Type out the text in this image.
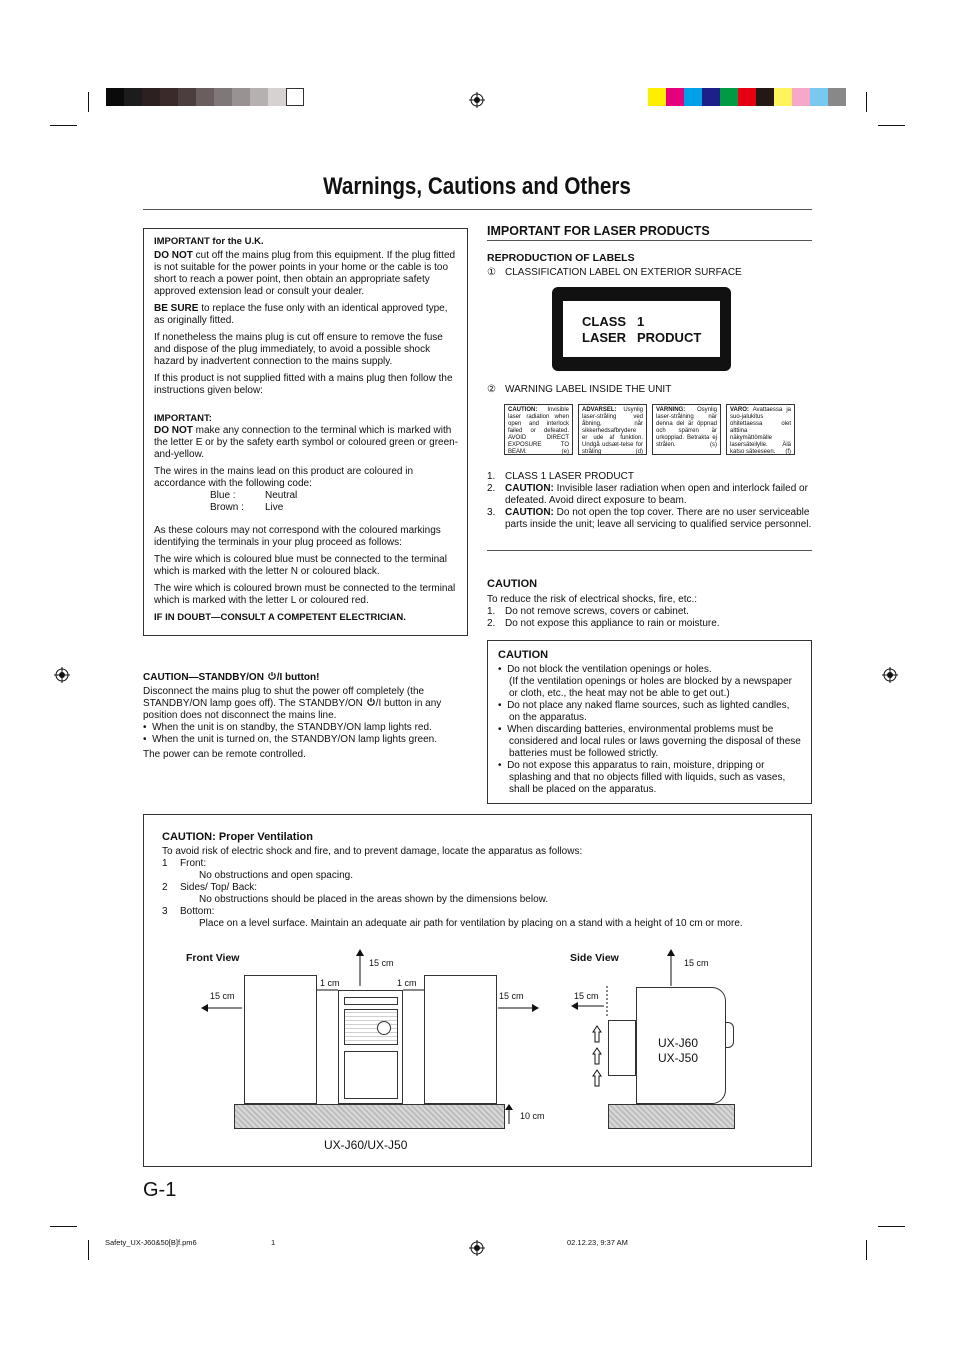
Warnings, Cautions and Others
IMPORTANT for the U.K.
DO NOT cut off the mains plug from this equipment. If the plug fitted is not suitable for the power points in your home or the cable is too short to reach a power point, then obtain an appropriate safety approved extension lead or consult your dealer.
BE SURE to replace the fuse only with an identical approved type, as originally fitted.
If nonetheless the mains plug is cut off ensure to remove the fuse and dispose of the plug immediately, to avoid a possible shock hazard by inadvertent connection to the mains supply.
If this product is not supplied fitted with a mains plug then follow the instructions given below:
IMPORTANT:
DO NOT make any connection to the terminal which is marked with the letter E or by the safety earth symbol or coloured green or green-and-yellow.
The wires in the mains lead on this product are coloured in accordance with the following code:
Blue :	Neutral
Brown : Live
As these colours may not correspond with the coloured markings identifying the terminals in your plug proceed as follows:
The wire which is coloured blue must be connected to the terminal which is marked with the letter N or coloured black.
The wire which is coloured brown must be connected to the terminal which is marked with the letter L or coloured red.
IF IN DOUBT—CONSULT A COMPETENT ELECTRICIAN.
CAUTION—STANDBY/ON /I button!
Disconnect the mains plug to shut the power off completely (the STANDBY/ON lamp goes off). The STANDBY/ON /I button in any position does not disconnect the mains line.
•  When the unit is on standby, the STANDBY/ON lamp lights red.
•  When the unit is turned on, the STANDBY/ON lamp lights green.
The power can be remote controlled.
IMPORTANT FOR LASER PRODUCTS
REPRODUCTION OF LABELS
① CLASSIFICATION LABEL ON EXTERIOR SURFACE
CLASS 1
LASER PRODUCT
② WARNING LABEL INSIDE THE UNIT
CAUTION: Invisible laser radiation when open and interlock failed or defeated. AVOID DIRECT EXPOSURE TO BEAM.	(e)
ADVARSEL: Usynlig laser-stråling ved åbning, når sikkerhedsafbrydere er ude af funktion. Undgå udsæt-telse for stråling	(d)
VARNING: Osynlig laser-strålning när denna del är öppnad och spärren är urkopplad. Betrakta ej strålen.	(s)
VARO: Avattaessa ja suo-jalukitus ohitettaessa olet alttiina näkymättömälle lasersäteilylle. Älä katso säteeseen. (f)
1. CLASS 1 LASER PRODUCT
2. CAUTION: Invisible laser radiation when open and interlock failed or defeated. Avoid direct exposure to beam.
3. CAUTION: Do not open the top cover. There are no user serviceable parts inside the unit; leave all servicing to qualified service personnel.
CAUTION
To reduce the risk of electrical shocks, fire, etc.:
1. Do not remove screws, covers or cabinet.
2. Do not expose this appliance to rain or moisture.
CAUTION
•  Do not block the ventilation openings or holes.
(If the ventilation openings or holes are blocked by a newspaper or cloth, etc., the heat may not be able to get out.)
•  Do not place any naked flame sources, such as lighted candles, on the apparatus.
•  When discarding batteries, environmental problems must be considered and local rules or laws governing the disposal of these batteries must be followed strictly.
•  Do not expose this apparatus to rain, moisture, dripping or splashing and that no objects filled with liquids, such as vases, shall be placed on the apparatus.
CAUTION: Proper Ventilation
To avoid risk of electric shock and fire, and to prevent damage, locate the apparatus as follows:
1 Front:
No obstructions and open spacing.
2 Sides/ Top/ Back:
No obstructions should be placed in the areas shown by the dimensions below.
3 Bottom:
Place on a level surface. Maintain an adequate air path for ventilation by placing on a stand with a height of 10 cm or more.
Front View
UX-J60/UX-J50
15 cm
15 cm	15 cm
1 cm	1 cm
10 cm
Side View
UX-J60
UX-J50
15 cm
15 cm
G-1
Safety_UX-J60&50[B]f.pm6	1	02.12.23, 9:37 AM
